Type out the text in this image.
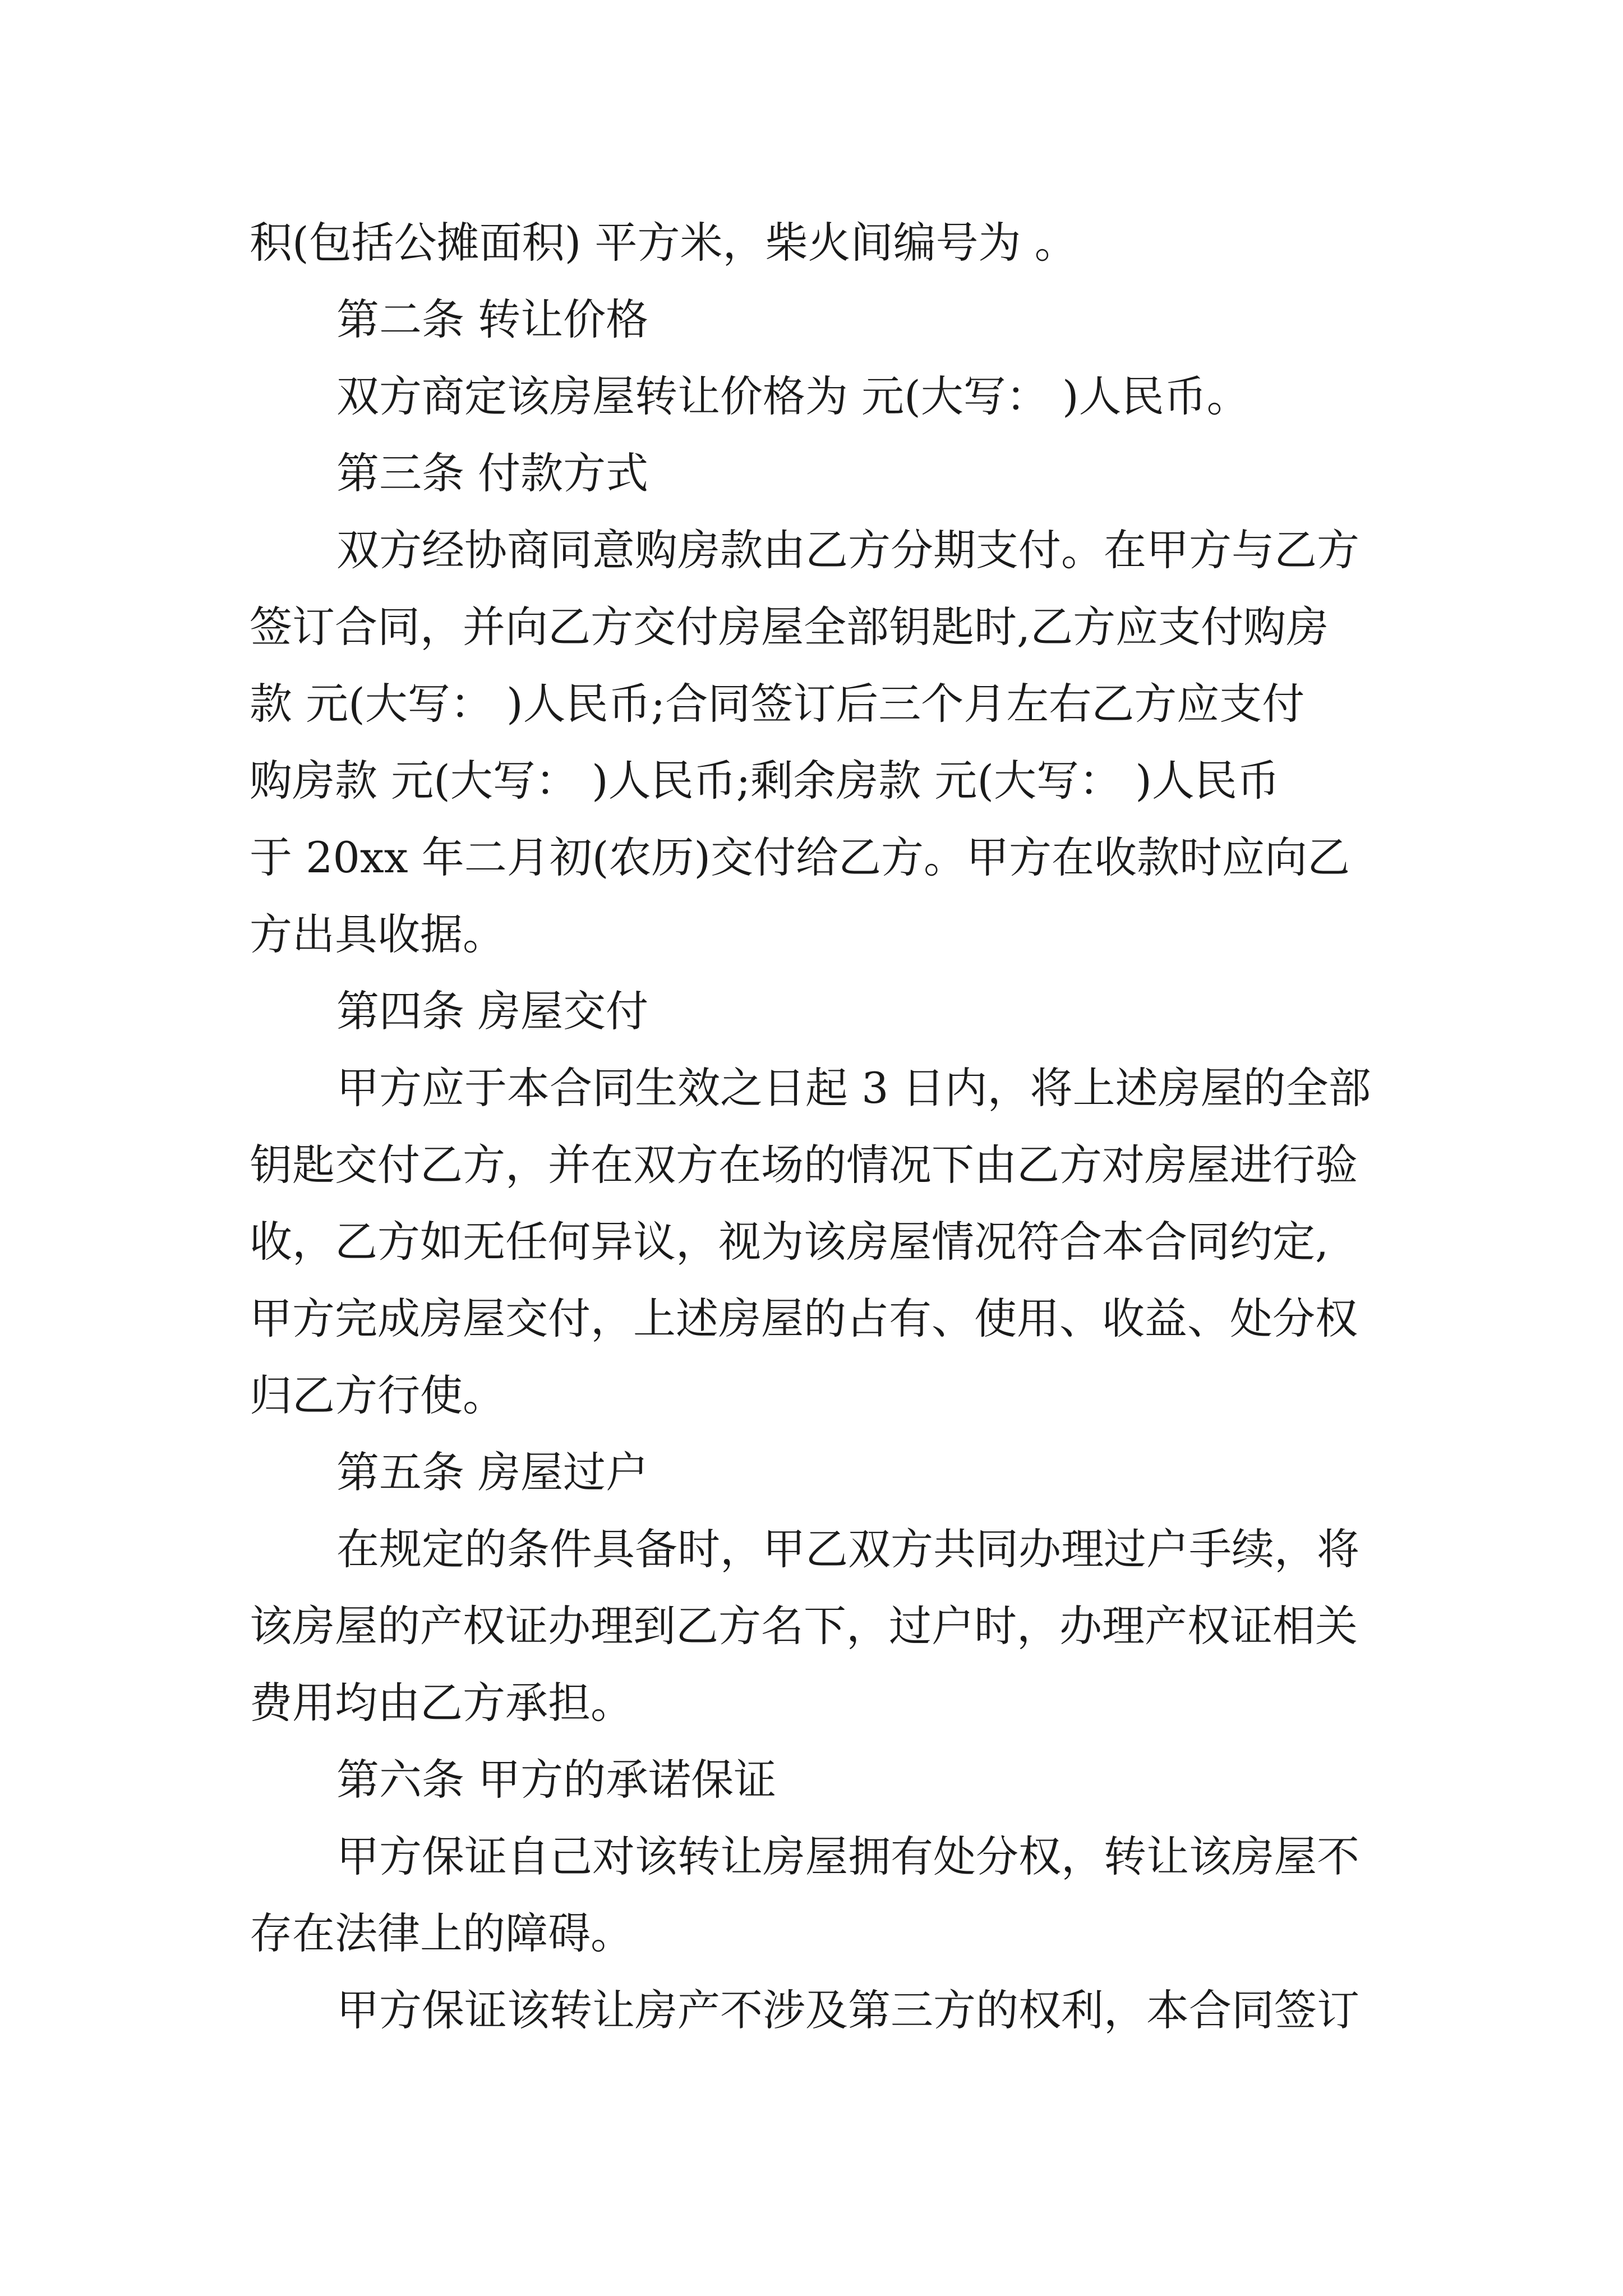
积(包括公摊面积) 平方米，柴火间编号为 。
第二条 转让价格
双方商定该房屋转让价格为 元(大写： )人民币。
第三条 付款方式
双方经协商同意购房款由乙方分期支付。在甲方与乙方
签订合同，并向乙方交付房屋全部钥匙时,乙方应支付购房
款 元(大写： )人民币;合同签订后三个月左右乙方应支付
购房款 元(大写： )人民币;剩余房款 元(大写： )人民币
于 20xx 年二月初(农历)交付给乙方。甲方在收款时应向乙
方出具收据。
第四条 房屋交付
甲方应于本合同生效之日起 3 日内，将上述房屋的全部
钥匙交付乙方，并在双方在场的情况下由乙方对房屋进行验
收，乙方如无任何异议，视为该房屋情况符合本合同约定,
甲方完成房屋交付，上述房屋的占有、使用、收益、处分权
归乙方行使。
第五条 房屋过户
在规定的条件具备时，甲乙双方共同办理过户手续，将
该房屋的产权证办理到乙方名下，过户时，办理产权证相关
费用均由乙方承担。
第六条 甲方的承诺保证
甲方保证自己对该转让房屋拥有处分权，转让该房屋不
存在法律上的障碍。
甲方保证该转让房产不涉及第三方的权利，本合同签订
